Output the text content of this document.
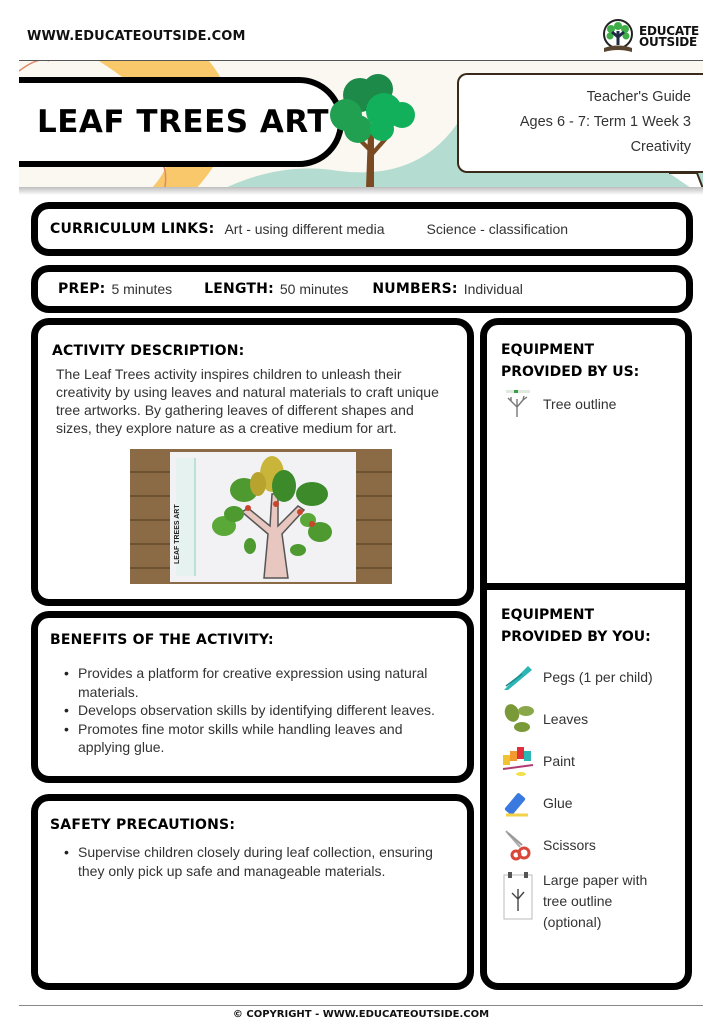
WWW.EDUCATEOUTSIDE.COM	EDUCATE
OUTSIDE
LEAF TREES ART
Teacher's Guide
Ages 6 - 7: Term 1 Week 3
Creativity
CURRICULUM LINKS: Art - using different media	Science - classification
PREP: 5 minutes LENGTH: 50 minutes NUMBERS: Individual
ACTIVITY DESCRIPTION:

The Leaf Trees activity inspires children to unleash their creativity by using leaves and natural materials to craft unique tree artworks. By gathering leaves of different shapes and sizes, they explore nature as a creative medium for art.

LEAF TREES ART
BENEFITS OF THE ACTIVITY:
• Provides a platform for creative expression using natural materials.
• Develops observation skills by identifying different leaves.
• Promotes fine motor skills while handling leaves and applying glue.
SAFETY PRECAUTIONS:
• Supervise children closely during leaf collection, ensuring they only pick up safe and manageable materials.
EQUIPMENT
PROVIDED BY US:
Tree outline
EQUIPMENT
PROVIDED BY YOU:
Pegs (1 per child)
Leaves
Paint
Glue
Scissors
Large paper with tree outline (optional)
© COPYRIGHT - WWW.EDUCATEOUTSIDE.COM
